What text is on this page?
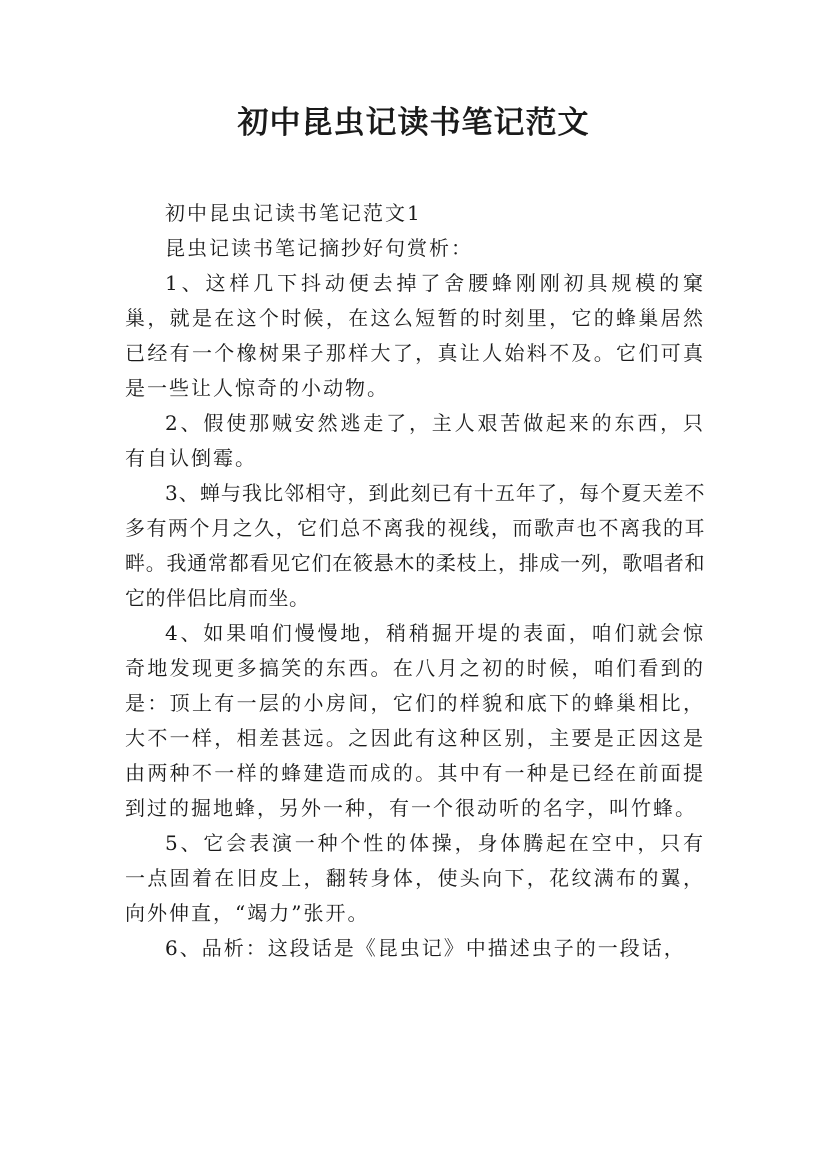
初中昆虫记读书笔记范文

初中昆虫记读书笔记范文1

昆虫记读书笔记摘抄好句赏析：

1、这样几下抖动便去掉了舍腰蜂刚刚初具规模的窠巢，就是在这个时候，在这么短暂的时刻里，它的蜂巢居然已经有一个橡树果子那样大了，真让人始料不及。它们可真是一些让人惊奇的小动物。

2、假使那贼安然逃走了，主人艰苦做起来的东西，只有自认倒霉。

3、蝉与我比邻相守，到此刻已有十五年了，每个夏天差不多有两个月之久，它们总不离我的视线，而歌声也不离我的耳畔。我通常都看见它们在筱悬木的柔枝上，排成一列，歌唱者和它的伴侣比肩而坐。

4、如果咱们慢慢地，稍稍掘开堤的表面，咱们就会惊奇地发现更多搞笑的东西。在八月之初的时候，咱们看到的是：顶上有一层的小房间，它们的样貌和底下的蜂巢相比，大不一样，相差甚远。之因此有这种区别，主要是正因这是由两种不一样的蜂建造而成的。其中有一种是已经在前面提到过的掘地蜂，另外一种，有一个很动听的名字，叫竹蜂。

5、它会表演一种个性的体操，身体腾起在空中，只有一点固着在旧皮上，翻转身体，使头向下，花纹满布的翼，向外伸直，“竭力”张开。

6、品析：这段话是《昆虫记》中描述虫子的一段话，
